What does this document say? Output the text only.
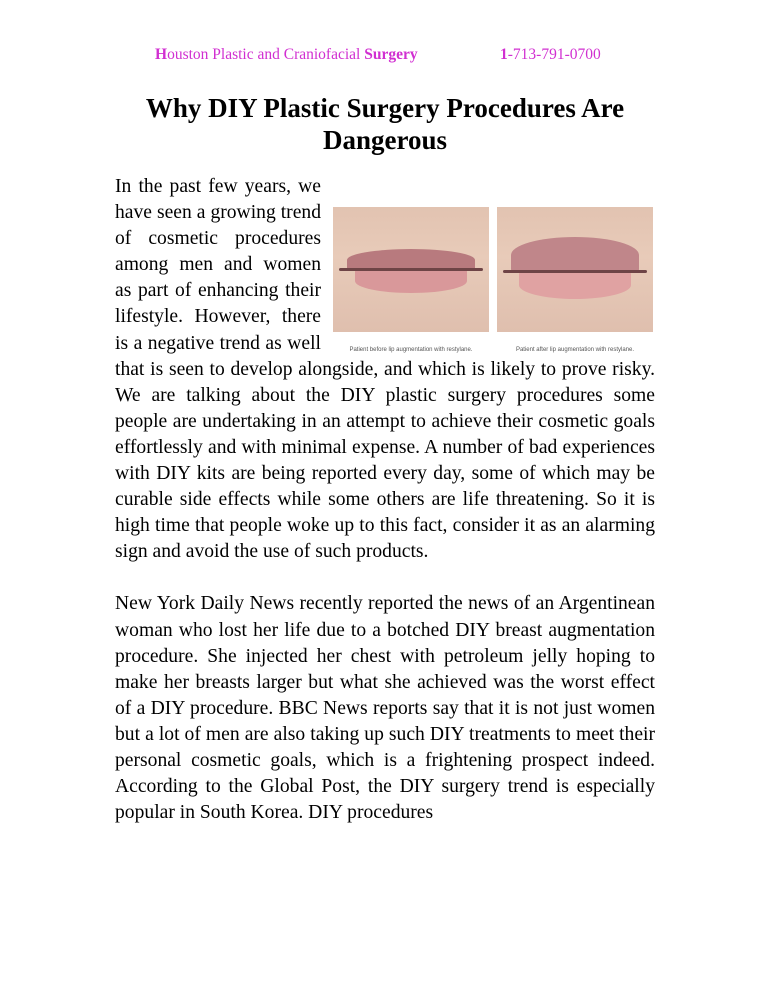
Houston Plastic and Craniofacial Surgery	1-713-791-0700
Why DIY Plastic Surgery Procedures Are Dangerous
Patient before lip augmentation with restylane.	Patient after lip augmentation with restylane.

In the past few years, we have seen a growing trend of cosmetic procedures among men and women as part of enhancing their lifestyle. However, there is a negative trend as well that is seen to develop alongside, and which is likely to prove risky. We are talking about the DIY plastic surgery procedures some people are undertaking in an attempt to achieve their cosmetic goals effortlessly and with minimal expense. A number of bad experiences with DIY kits are being reported every day, some of which may be curable side effects while some others are life threatening. So it is high time that people woke up to this fact, consider it as an alarming sign and avoid the use of such products.

New York Daily News recently reported the news of an Argentinean woman who lost her life due to a botched DIY breast augmentation procedure. She injected her chest with petroleum jelly hoping to make her breasts larger but what she achieved was the worst effect of a DIY procedure. BBC News reports say that it is not just women but a lot of men are also taking up such DIY treatments to meet their personal cosmetic goals, which is a frightening prospect indeed. According to the Global Post, the DIY surgery trend is especially popular in South Korea. DIY procedures
